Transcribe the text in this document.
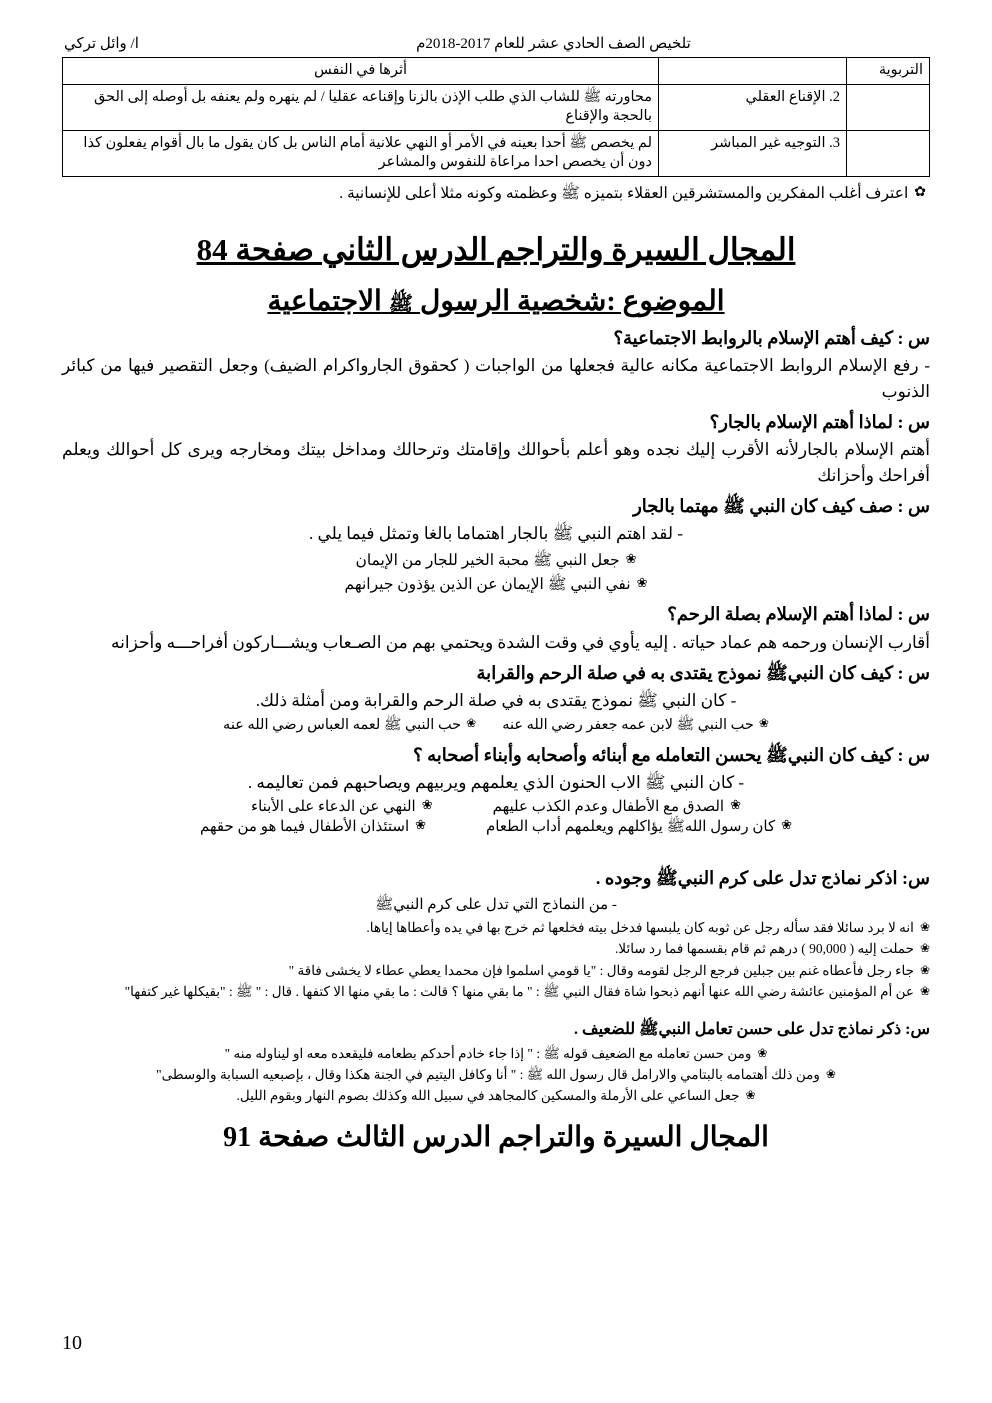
تلخيص الصف الحادي عشر للعام 2017-2018م
ا/ وائل تركي
التربوية		أثرها في النفس
	2. الإقناع العقلي	محاورته ﷺ للشاب الذي طلب الإذن بالزنا وإقناعه عقليا / لم ينهره ولم يعنفه بل أوصله إلى الحق بالحجة والإقناع
	3. التوجيه غير المباشر	لم يخصص ﷺ أحدا بعينه في الأمر أو النهي علانية أمام الناس بل كان يقول ما بال أقوام يفعلون كذا دون أن يخصص احدا مراعاة للنفوس والمشاعر
✿
اعترف أغلب المفكرين والمستشرقين العقلاء بتميزه ﷺ وعظمته وكونه مثلا أعلى للإنسانية .
المجال السيرة والتراجم الدرس الثاني صفحة 84
الموضوع :شخصية الرسول ﷺ الاجتماعية
س : كيف أهتم الإسلام بالروابط الاجتماعية؟
- رفع الإسلام الروابط الاجتماعية مكانه عالية فجعلها من الواجبات ( كحقوق الجارواكرام الضيف) وجعل التقصير فيها من كبائر الذنوب
س : لماذا أهتم الإسلام بالجار؟
أهتم الإسلام بالجارلأنه الأقرب إليك نجده وهو أعلم بأحوالك وإقامتك وترحالك ومداخل بيتك ومخارجه ويرى كل أحوالك ويعلم أفراحك وأحزانك
س : صف كيف كان النبي ﷺ مهتما بالجار
- لقد اهتم النبي ﷺ بالجار اهتماما بالغا وتمثل فيما يلي .
❀
جعل النبي ﷺ محبة الخير للجار من الإيمان
❀
نفي النبي ﷺ الإيمان عن الذين يؤذون جيرانهم
س : لماذا أهتم الإسلام بصلة الرحم؟
أقارب الإنسان ورحمه هم عماد حياته . إليه يأوي في وقت الشدة ويحتمي بهم من الصـعاب ويشـــاركون أفراحـــه وأحزانه
س : كيف كان النبيﷺ نموذج يقتدى به في صلة الرحم والقرابة
- كان النبي ﷺ نموذج يقتدى به في صلة الرحم والقرابة ومن أمثلة ذلك.
❀
حب النبي ﷺ لابن عمه جعفر رضي الله عنه
❀
حب النبي ﷺ لعمه العباس رضي الله عنه
س : كيف كان النبيﷺ يحسن التعامله مع أبنائه وأصحابه وأبناء أصحابه ؟
- كان النبي ﷺ الاب الحنون الذي يعلمهم ويربيهم ويصاحبهم فمن تعاليمه .
❀
الصدق مع الأطفال وعدم الكذب عليهم
❀
النهي عن الدعاء على الأبناء
❀
كان رسول اللهﷺ يؤاكلهم ويعلمهم أداب الطعام
❀
استئذان الأطفال فيما هو من حقهم
س: اذكر نماذج تدل على كرم النبيﷺ وجوده .
- من النماذج التي تدل على كرم النبيﷺ
❀
انه لا برد سائلا فقد سأله رجل عن ثوبه كان يلبسها فدخل بيته فخلعها ثم خرج بها في يده وأعطاها إياها.
❀
حملت إليه ( 90,000 ) درهم ثم قام بقسمها فما رد سائلا.
❀
جاء رجل فأعطاه غنم بين جبلين فرجع الرجل لقومه وقال : "يا قومي اسلموا فإن محمدا يعطي عطاء لا يخشى فاقة "
❀
عن أم المؤمنين عائشة رضي الله عنها أنهم ذبحوا شاة فقال النبي ﷺ : " ما بقي منها ؟ قالت : ما بقي منها الا كتفها . قال : " ﷺ : "بقيكلها غير كتفها"
س: ذكر نماذج تدل على حسن تعامل النبيﷺ للضعيف .
❀
ومن حسن تعامله مع الضعيف قوله ﷺ : " إذا جاء خادم أحدكم بطعامه فليقعده معه او ليناوله منه "
❀
ومن ذلك أهتمامه بالبتامي والارامل قال رسول الله ﷺ : " أنا وكافل اليتيم في الجنة هكذا وقال ، بإصبعيه السبابة والوسطى"
❀
جعل الساعي على الأرملة والمسكين كالمجاهد في سبيل الله وكذلك بصوم النهار وبقوم الليل.
المجال السيرة والتراجم الدرس الثالث صفحة 91
10
